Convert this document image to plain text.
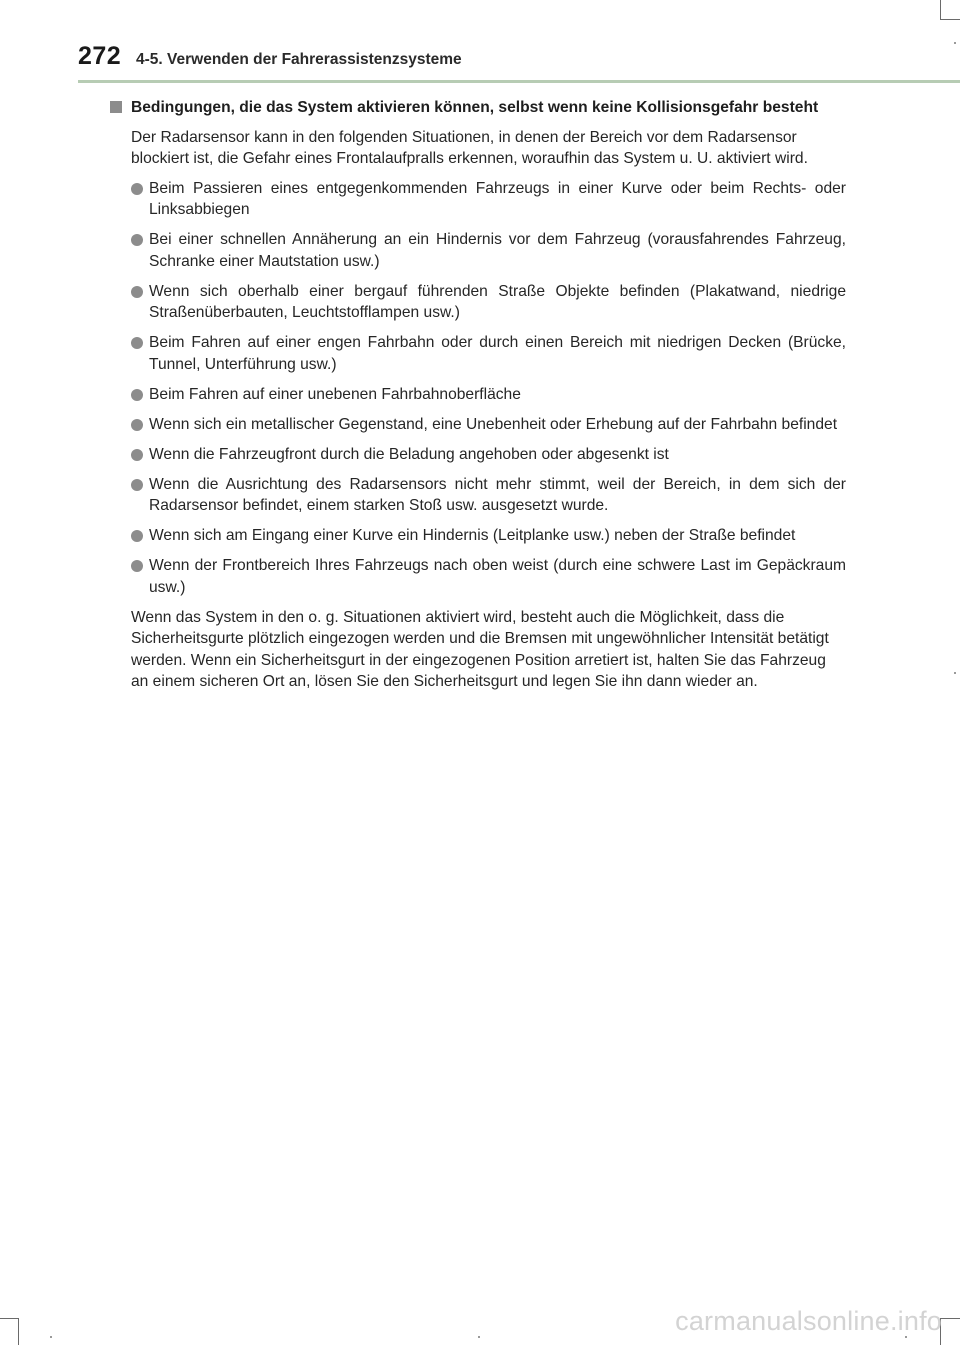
272 4-5. Verwenden der Fahrerassistenzsysteme
Bedingungen, die das System aktivieren können, selbst wenn keine Kollisionsgefahr besteht

Der Radarsensor kann in den folgenden Situationen, in denen der Bereich vor dem Radarsensor blockiert ist, die Gefahr eines Frontalaufpralls erkennen, woraufhin das System u. U. aktiviert wird.

Beim Passieren eines entgegenkommenden Fahrzeugs in einer Kurve oder beim Rechts- oder Linksabbiegen
Bei einer schnellen Annäherung an ein Hindernis vor dem Fahrzeug (vorausfahrendes Fahrzeug, Schranke einer Mautstation usw.)
Wenn sich oberhalb einer bergauf führenden Straße Objekte befinden (Plakatwand, niedrige Straßenüberbauten, Leuchtstofflampen usw.)
Beim Fahren auf einer engen Fahrbahn oder durch einen Bereich mit niedrigen Decken (Brücke, Tunnel, Unterführung usw.)
Beim Fahren auf einer unebenen Fahrbahnoberfläche
Wenn sich ein metallischer Gegenstand, eine Unebenheit oder Erhebung auf der Fahrbahn befindet
Wenn die Fahrzeugfront durch die Beladung angehoben oder abgesenkt ist
Wenn die Ausrichtung des Radarsensors nicht mehr stimmt, weil der Bereich, in dem sich der Radarsensor befindet, einem starken Stoß usw. ausgesetzt wurde.
Wenn sich am Eingang einer Kurve ein Hindernis (Leitplanke usw.) neben der Straße befindet
Wenn der Frontbereich Ihres Fahrzeugs nach oben weist (durch eine schwere Last im Gepäckraum usw.)

Wenn das System in den o. g. Situationen aktiviert wird, besteht auch die Möglichkeit, dass die Sicherheitsgurte plötzlich eingezogen werden und die Bremsen mit ungewöhnlicher Intensität betätigt werden. Wenn ein Sicherheitsgurt in der eingezogenen Position arretiert ist, halten Sie das Fahrzeug an einem sicheren Ort an, lösen Sie den Sicherheitsgurt und legen Sie ihn dann wieder an.

carmanualsonline.info
